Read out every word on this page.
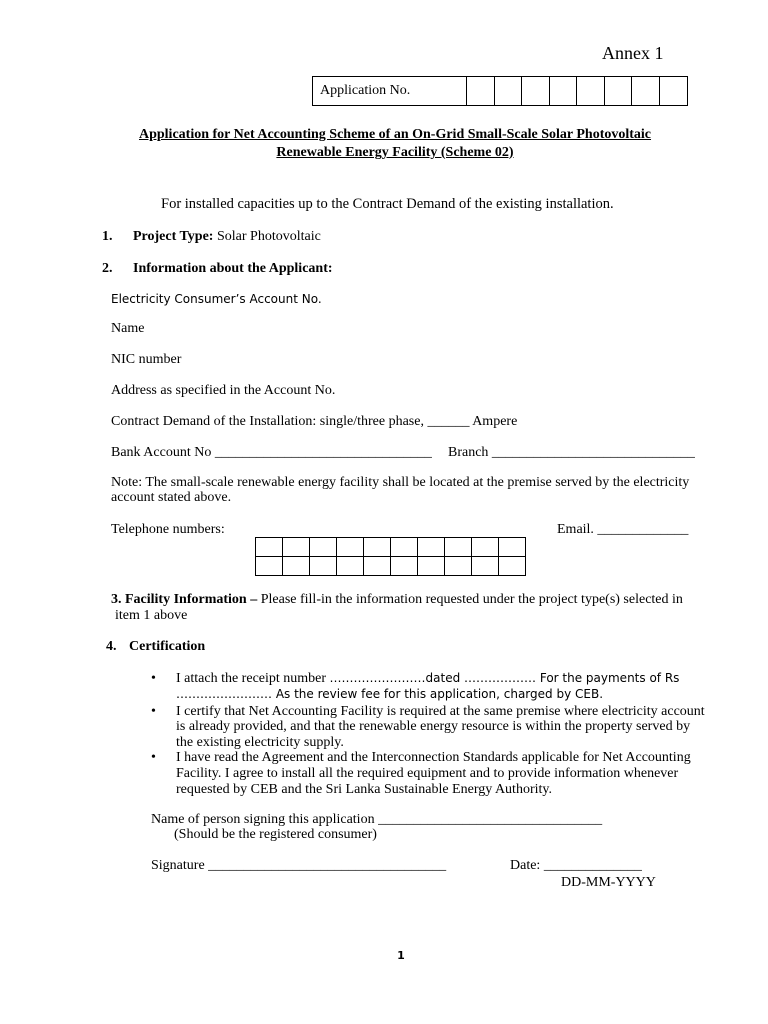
Annex 1
Application No.
Application for Net Accounting Scheme of an On-Grid Small-Scale Solar Photovoltaic
Renewable Energy Facility (Scheme 02)
For installed capacities up to the Contract Demand of the existing installation.
1. Project Type: Solar Photovoltaic
2. Information about the Applicant:
Electricity Consumer’s Account No.
Name
NIC number
Address as specified in the Account No.
Contract Demand of the Installation: single/three phase, ______ Ampere
Bank Account No _______________________________ Branch _____________________________
Note: The small-scale renewable energy facility shall be located at the premise served by the electricity
account stated above.
Telephone numbers:	Email. _____________

3. Facility Information – Please fill-in the information requested under the project type(s) selected in
item 1 above
4. Certification
• I attach the receipt number ……………………dated ……………… For the payments of Rs
…………………… As the review fee for this application, charged by CEB.
• I certify that Net Accounting Facility is required at the same premise where electricity account
is already provided, and that the renewable energy resource is within the property served by
the existing electricity supply.
• I have read the Agreement and the Interconnection Standards applicable for Net Accounting
Facility. I agree to install all the required equipment and to provide information whenever
requested by CEB and the Sri Lanka Sustainable Energy Authority.
Name of person signing this application ________________________________
(Should be the registered consumer)
Signature __________________________________	Date: ______________
DD-MM-YYYY
1
